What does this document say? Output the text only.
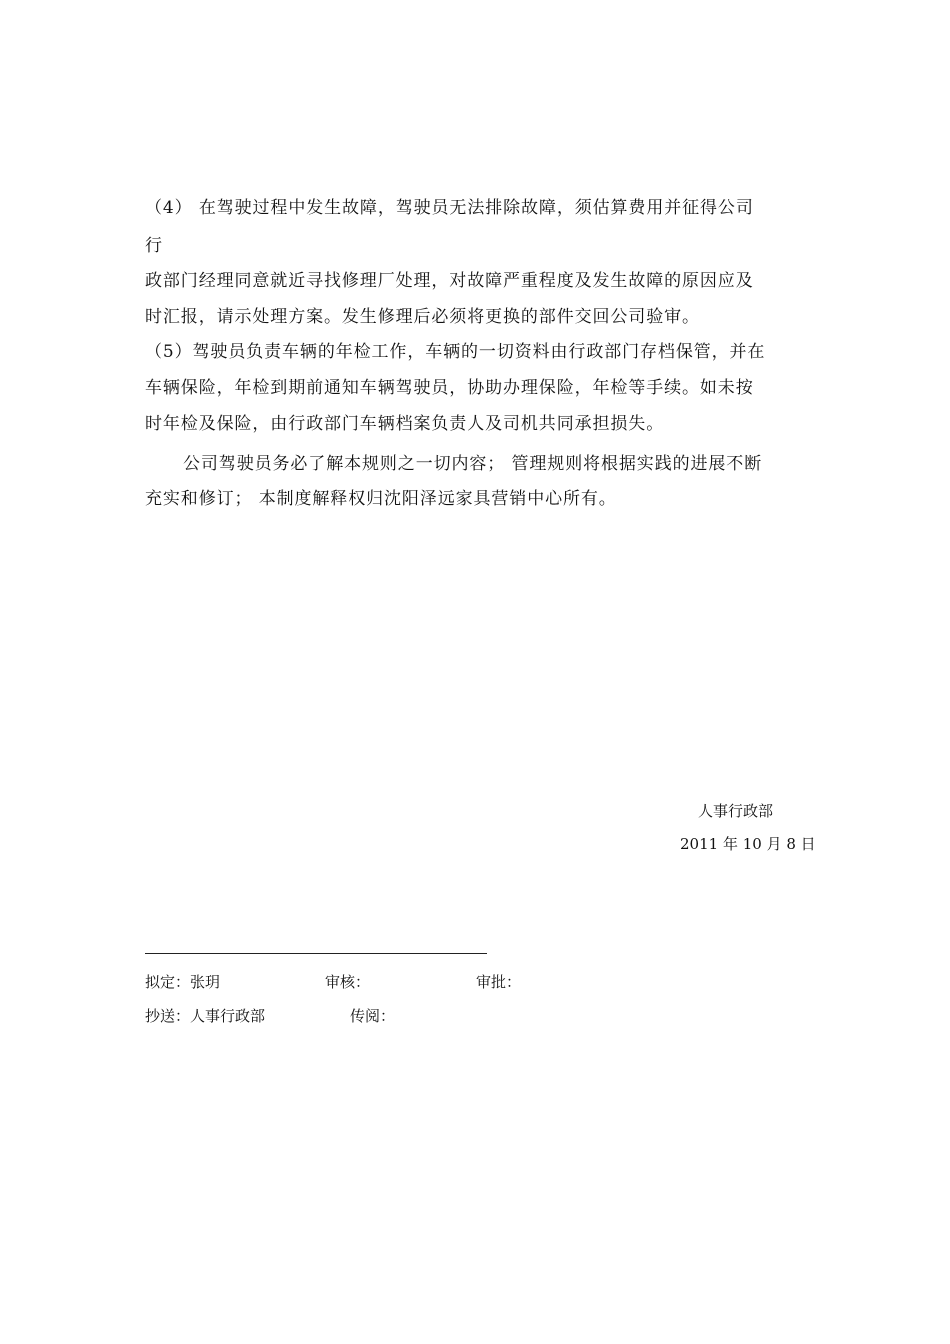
（4） 在驾驶过程中发生故障，驾驶员无法排除故障，须估算费用并征得公司
行
政部门经理同意就近寻找修理厂处理，对故障严重程度及发生故障的原因应及
时汇报，请示处理方案。发生修理后必须将更换的部件交回公司验审。
（5）驾驶员负责车辆的年检工作，车辆的一切资料由行政部门存档保管，并在
车辆保险，年检到期前通知车辆驾驶员，协助办理保险，年检等手续。如未按
时年检及保险，由行政部门车辆档案负责人及司机共同承担损失。
公司驾驶员务必了解本规则之一切内容； 管理规则将根据实践的进展不断
充实和修订； 本制度解释权归沈阳泽远家具营销中心所有。
人事行政部
2011 年 10 月 8 日
拟定：张玥	审核：	审批：
抄送：人事行政部	传阅：
